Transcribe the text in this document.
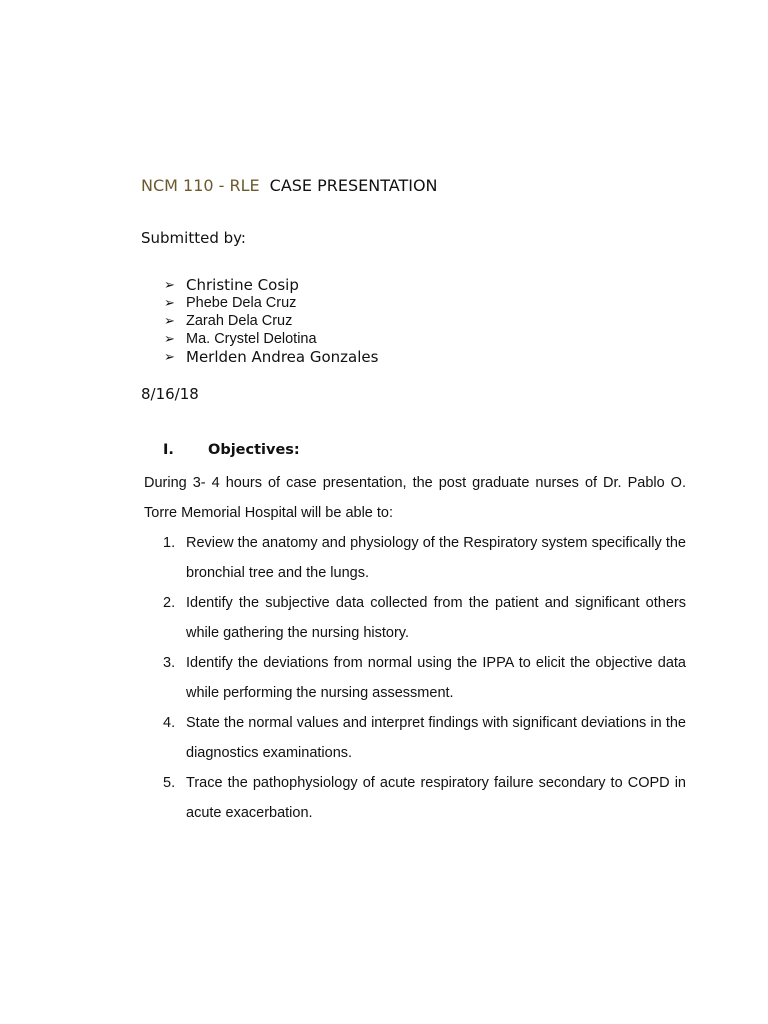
NCM 110 - RLE CASE PRESENTATION
Submitted by:
➢ Christine Cosip
➢ Phebe Dela Cruz
➢ Zarah Dela Cruz
➢ Ma. Crystel Delotina
➢ Merlden Andrea Gonzales
8/16/18
I. Objectives:
During 3- 4 hours of case presentation, the post graduate nurses of Dr. Pablo O. Torre Memorial Hospital will be able to:
1. Review the anatomy and physiology of the Respiratory system specifically the bronchial tree and the lungs.
2. Identify the subjective data collected from the patient and significant others while gathering the nursing history.
3. Identify the deviations from normal using the IPPA to elicit the objective data while performing the nursing assessment.
4. State the normal values and interpret findings with significant deviations in the diagnostics examinations.
5. Trace the pathophysiology of acute respiratory failure secondary to COPD in acute exacerbation.
